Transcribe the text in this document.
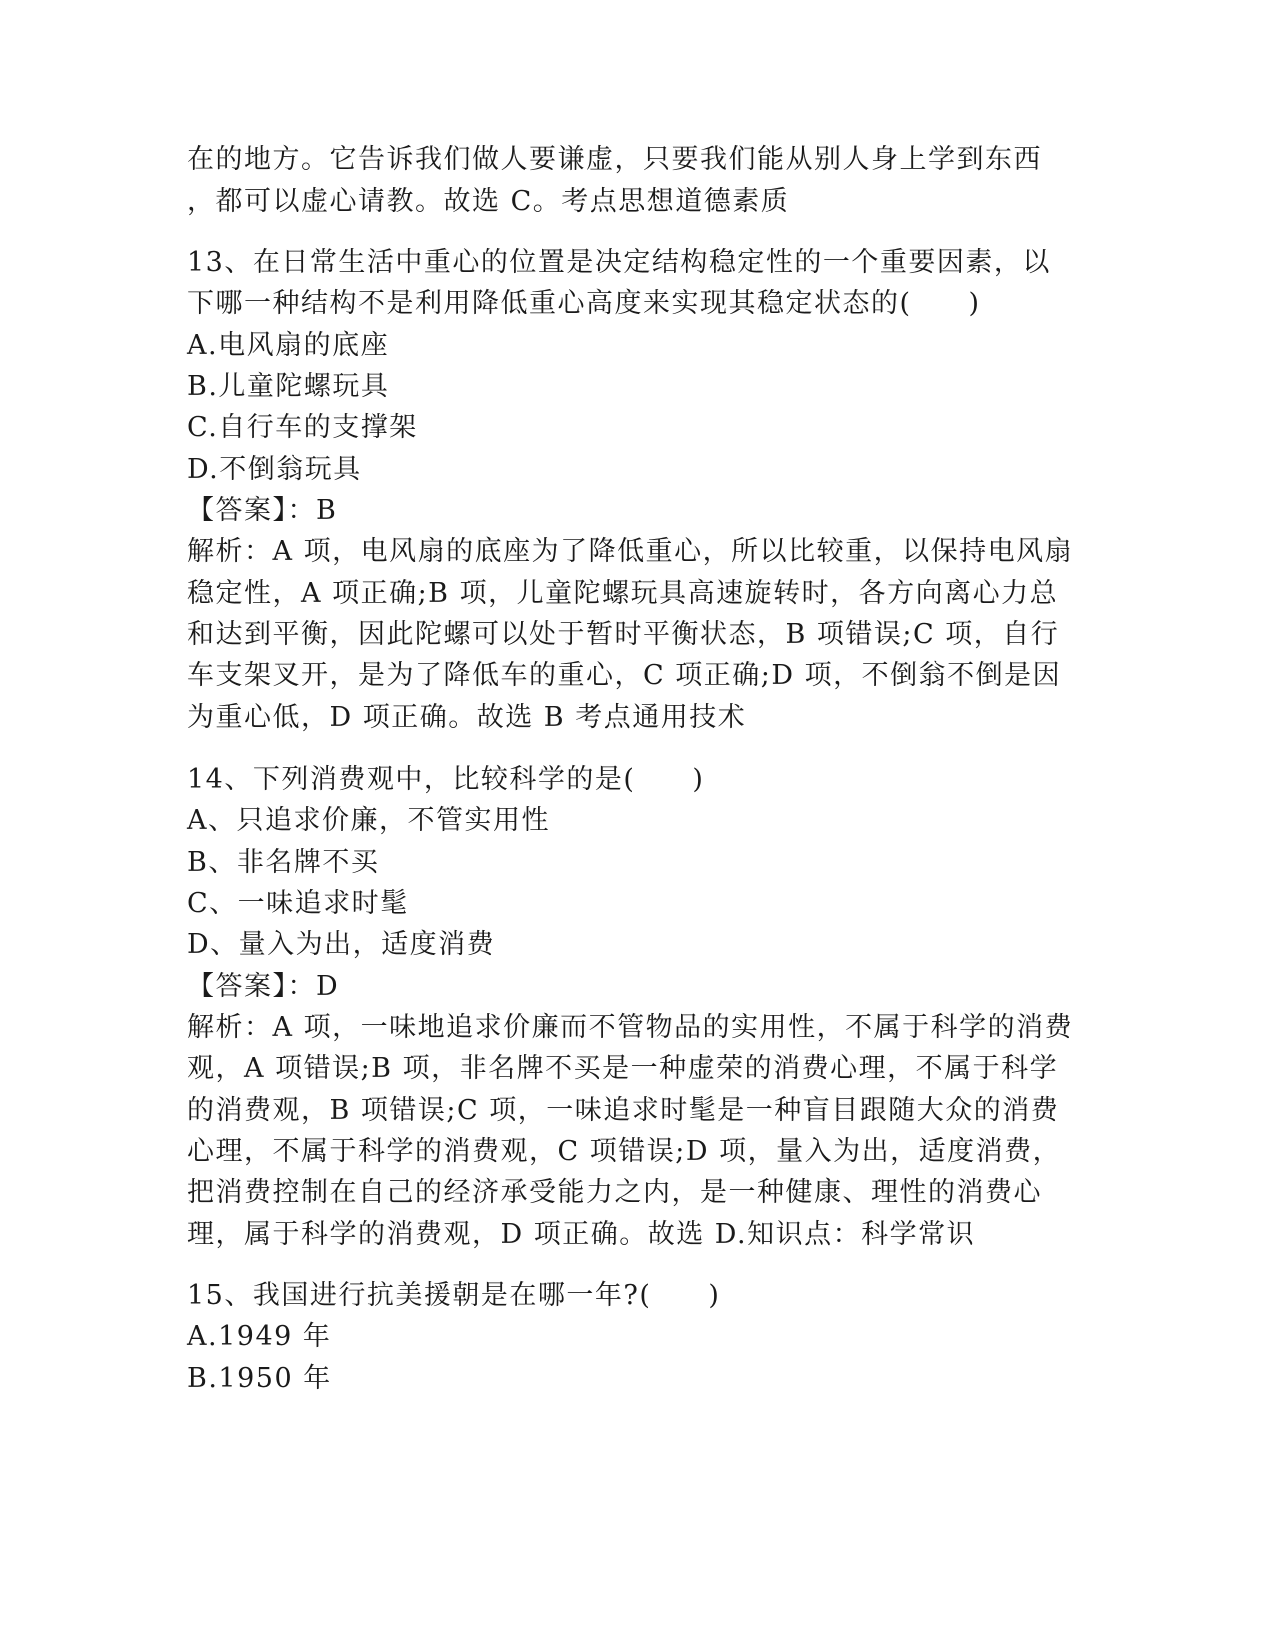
在的地方。它告诉我们做人要谦虚，只要我们能从别人身上学到东西
，都可以虚心请教。故选 C。考点思想道德素质
13、在日常生活中重心的位置是决定结构稳定性的一个重要因素，以
下哪一种结构不是利用降低重心高度来实现其稳定状态的(　　)
A.电风扇的底座
B.儿童陀螺玩具
C.自行车的支撑架
D.不倒翁玩具
【答案】：B
解析：A 项，电风扇的底座为了降低重心，所以比较重，以保持电风扇
稳定性，A 项正确;B 项，儿童陀螺玩具高速旋转时，各方向离心力总
和达到平衡，因此陀螺可以处于暂时平衡状态，B 项错误;C 项，自行
车支架叉开，是为了降低车的重心，C 项正确;D 项，不倒翁不倒是因
为重心低，D 项正确。故选 B 考点通用技术
14、下列消费观中，比较科学的是(　　)
A、只追求价廉，不管实用性
B、非名牌不买
C、一味追求时髦
D、量入为出，适度消费
【答案】：D
解析：A 项，一味地追求价廉而不管物品的实用性，不属于科学的消费
观，A 项错误;B 项，非名牌不买是一种虚荣的消费心理，不属于科学
的消费观，B 项错误;C 项，一味追求时髦是一种盲目跟随大众的消费
心理，不属于科学的消费观，C 项错误;D 项，量入为出，适度消费，
把消费控制在自己的经济承受能力之内，是一种健康、理性的消费心
理，属于科学的消费观，D 项正确。故选 D.知识点：科学常识
15、我国进行抗美援朝是在哪一年?(　　)
A.1949 年
B.1950 年
